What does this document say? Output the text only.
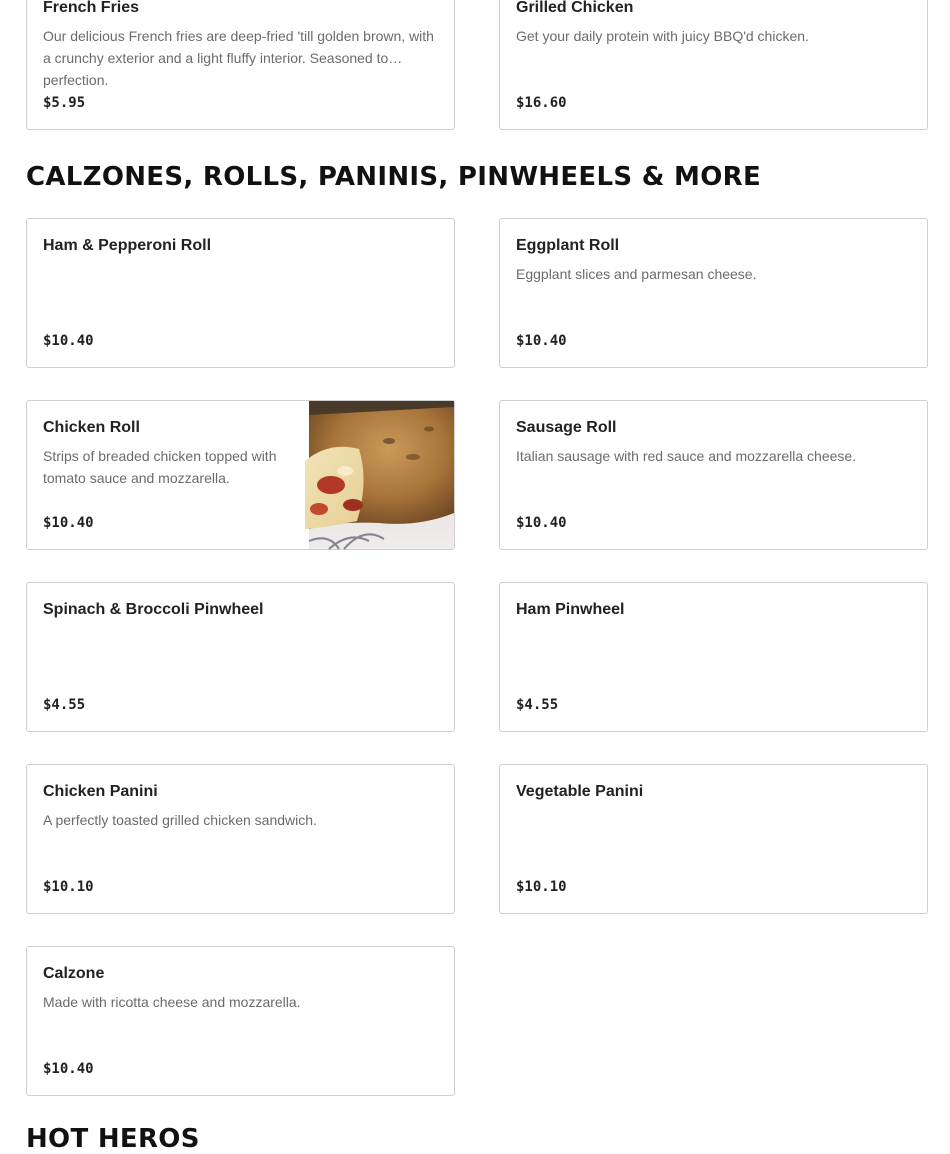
French Fries
Our delicious French fries are deep-fried 'till golden brown, with a crunchy exterior and a light fluffy interior. Seasoned to perfection.
$5.95
Grilled Chicken
Get your daily protein with juicy BBQ'd chicken.
$16.60
CALZONES, ROLLS, PANINIS, PINWHEELS & MORE
Ham & Pepperoni Roll
$10.40
Eggplant Roll
Eggplant slices and parmesan cheese.
$10.40
Chicken Roll
Strips of breaded chicken topped with tomato sauce and mozzarella.
$10.40
Sausage Roll
Italian sausage with red sauce and mozzarella cheese.
$10.40
Spinach & Broccoli Pinwheel
$4.55
Ham Pinwheel
$4.55
Chicken Panini
A perfectly toasted grilled chicken sandwich.
$10.10
Vegetable Panini
$10.10
Calzone
Made with ricotta cheese and mozzarella.
$10.40
HOT HEROS
